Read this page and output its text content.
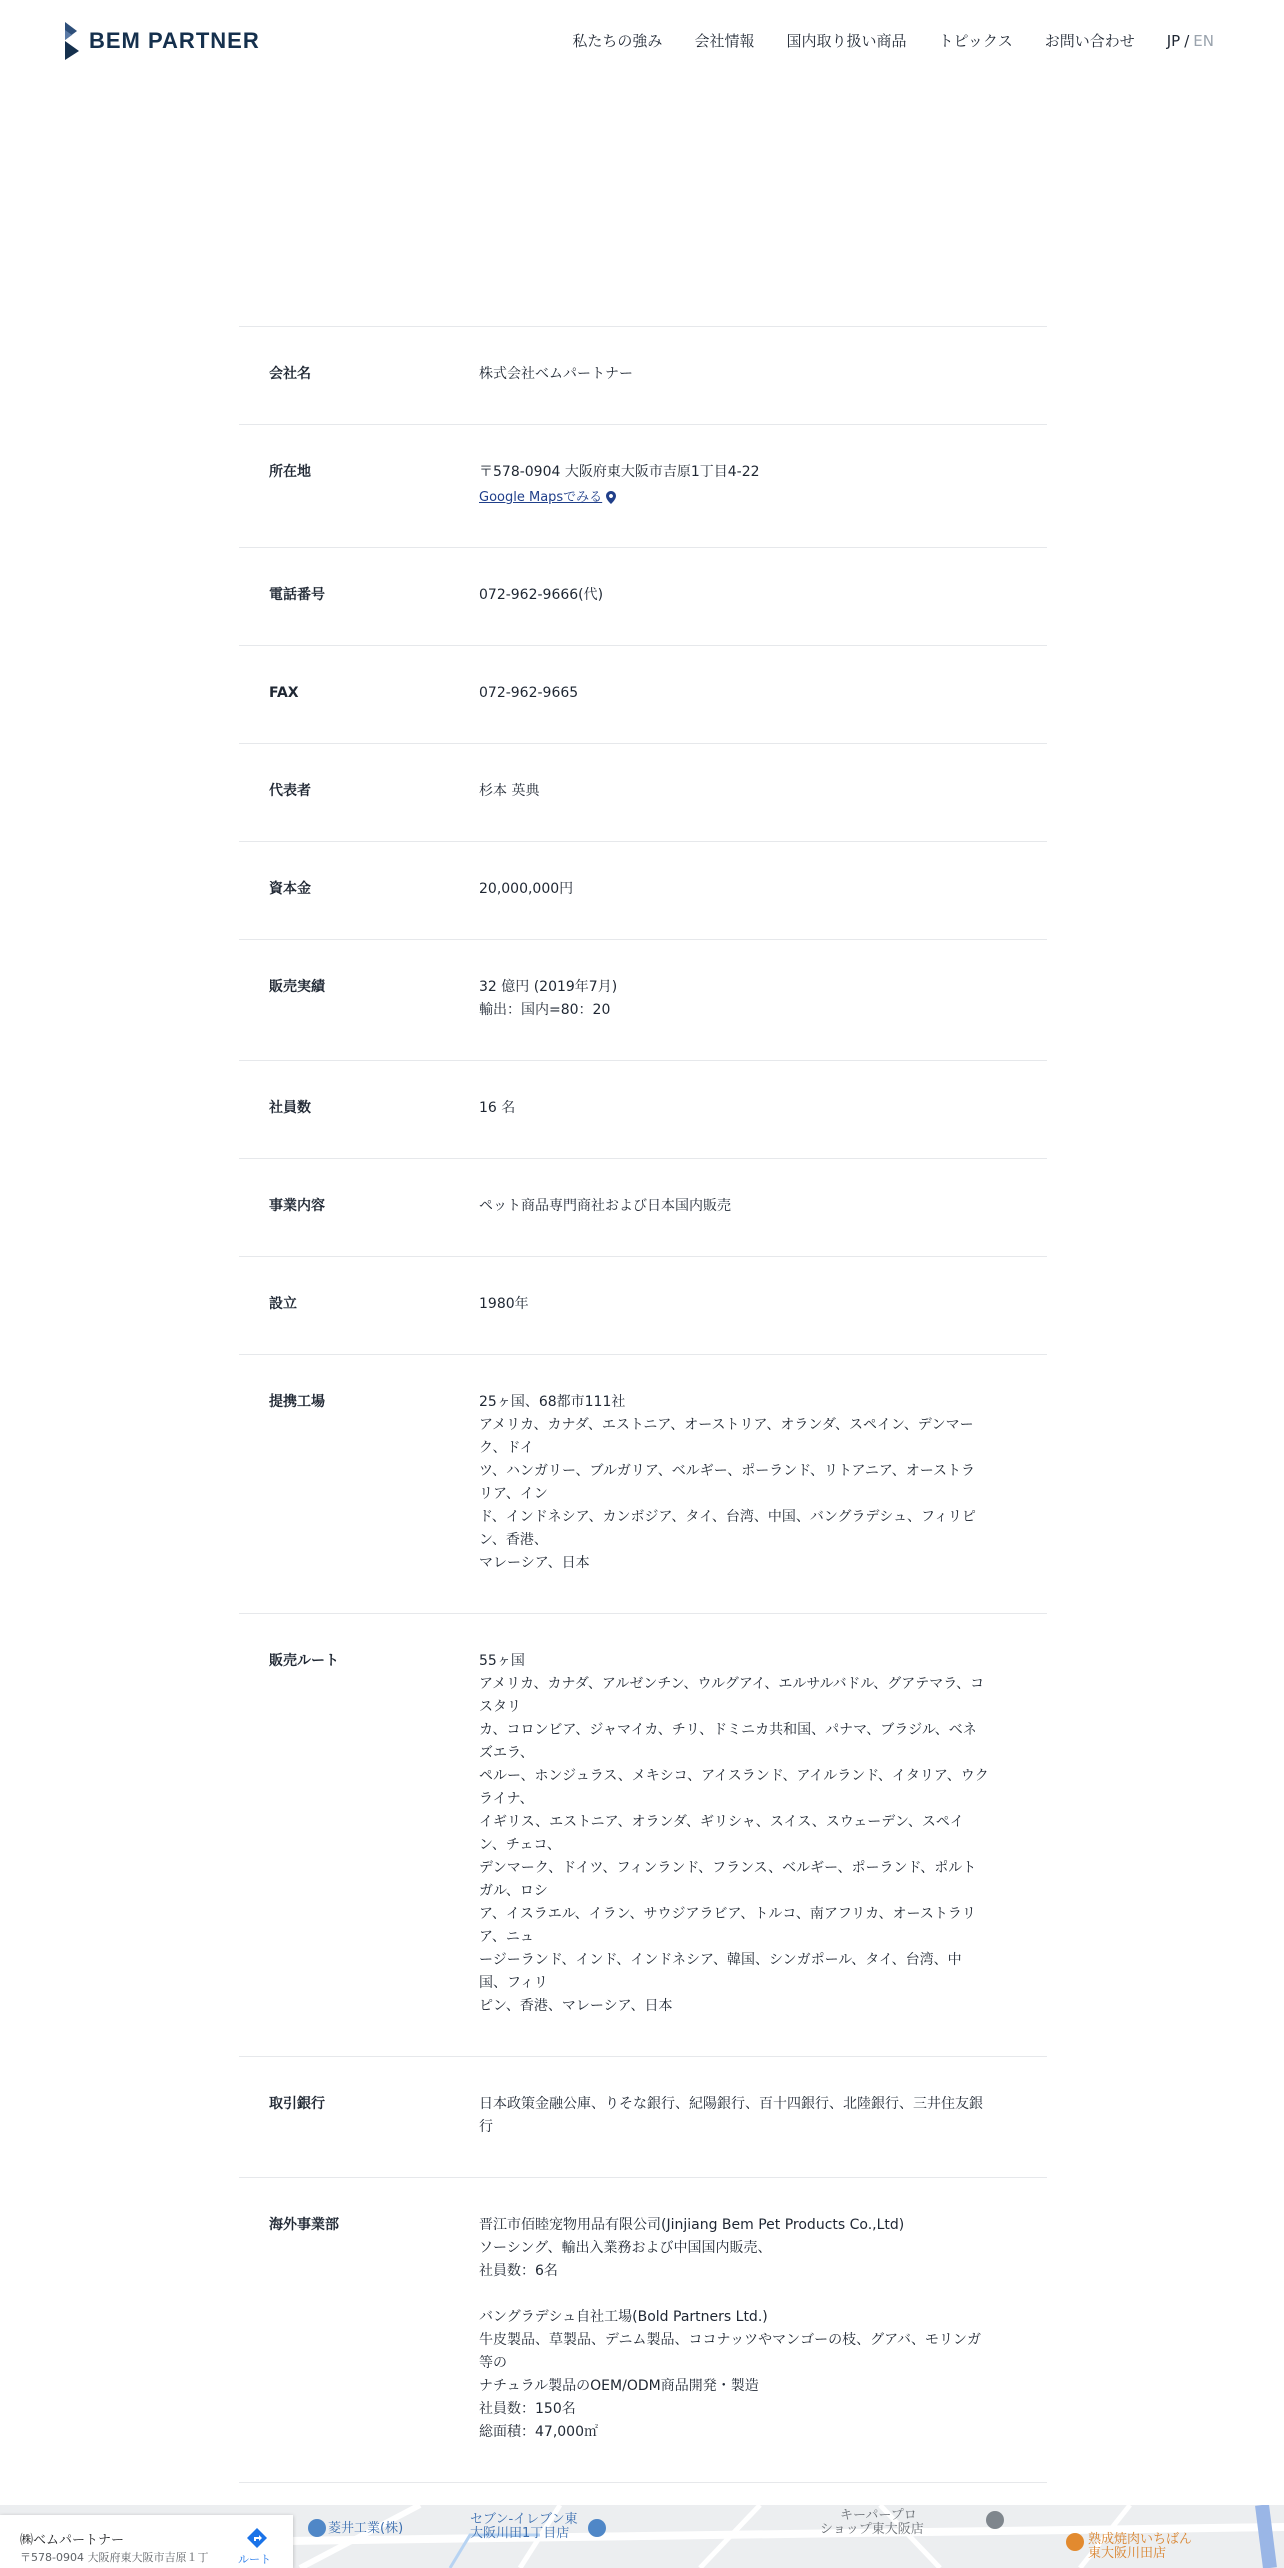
BEM PARTNER	私たちの強み 会社情報 国内取り扱い商品 トピックス お問い合わせ JP / EN
会社名	株式会社ベムパートナー
所在地	〒578-0904 大阪府東大阪市吉原1丁目4-22
Google Mapsでみる
電話番号	072-962-9666(代)
FAX	072-962-9665
代表者	杉本 英典
資本金	20,000,000円
販売実績	32 億円 (2019年7月)
輸出：国内=80：20
社員数	16 名
事業内容	ペット商品専門商社および日本国内販売
設立	1980年
提携工場	25ヶ国、68都市111社
アメリカ、カナダ、エストニア、オーストリア、オランダ、スペイン、デンマーク、ドイ
ツ、ハンガリー、ブルガリア、ベルギー、ポーランド、リトアニア、オーストラリア、イン
ド、インドネシア、カンボジア、タイ、台湾、中国、バングラデシュ、フィリピン、香港、
マレーシア、日本
販売ルート	55ヶ国
アメリカ、カナダ、アルゼンチン、ウルグアイ、エルサルバドル、グアテマラ、コスタリ
カ、コロンビア、ジャマイカ、チリ、ドミニカ共和国、パナマ、ブラジル、ベネズエラ、
ペルー、ホンジュラス、メキシコ、アイスランド、アイルランド、イタリア、ウクライナ、
イギリス、エストニア、オランダ、ギリシャ、スイス、スウェーデン、スペイン、チェコ、
デンマーク、ドイツ、フィンランド、フランス、ベルギー、ポーランド、ポルトガル、ロシ
ア、イスラエル、イラン、サウジアラビア、トルコ、南アフリカ、オーストラリア、ニュ
ージーランド、インド、インドネシア、韓国、シンガポール、タイ、台湾、中国、フィリ
ピン、香港、マレーシア、日本
取引銀行	日本政策金融公庫、りそな銀行、紀陽銀行、百十四銀行、北陸銀行、三井住友銀
行
海外事業部	晋江市佰睦宠物用品有限公司(Jinjiang Bem Pet Products Co.,Ltd)
ソーシング、輸出入業務および中国国内販売、
社員数：6名
バングラデシュ自社工場(Bold Partners Ltd.)
牛皮製品、草製品、デニム製品、ココナッツやマンゴーの枝、グアバ、モリンガ等の
ナチュラル製品のOEM/ODM商品開発・製造
社員数：150名
総面積：47,000㎡
菱井工業(株)
セブン-イレブン東
大阪川田1丁目店
キーパープロ
ショップ東大阪店
熟成焼肉いちばん
東大阪川田店
㈱ベムパートナー
〒578-0904 大阪府東大阪市吉原１丁	ルート
